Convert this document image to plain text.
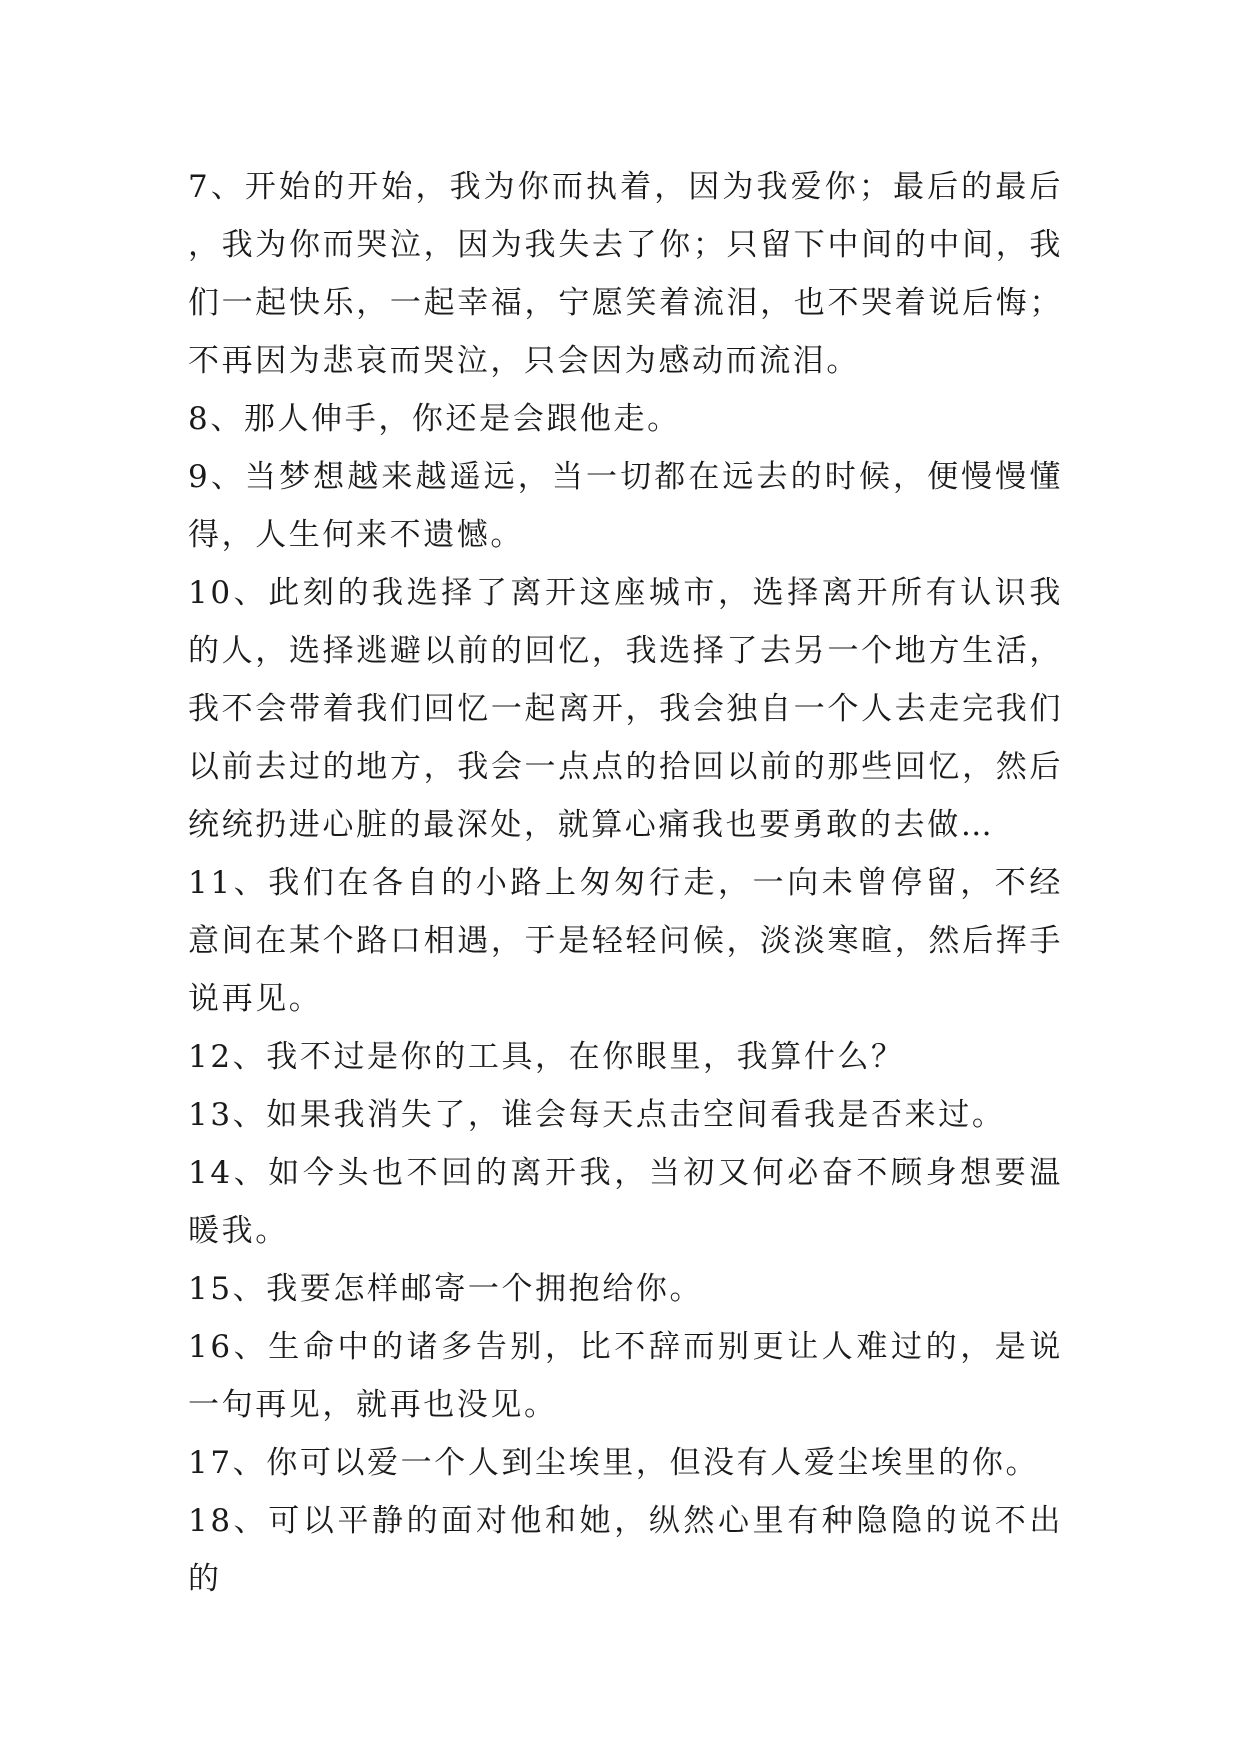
7、开始的开始，我为你而执着，因为我爱你；最后的最后，我为你而哭泣，因为我失去了你；只留下中间的中间，我们一起快乐，一起幸福，宁愿笑着流泪，也不哭着说后悔；不再因为悲哀而哭泣，只会因为感动而流泪。

8、那人伸手，你还是会跟他走。

9、当梦想越来越遥远，当一切都在远去的时候，便慢慢懂得，人生何来不遗憾。

10、此刻的我选择了离开这座城市，选择离开所有认识我的人，选择逃避以前的回忆，我选择了去另一个地方生活，我不会带着我们回忆一起离开，我会独自一个人去走完我们以前去过的地方，我会一点点的拾回以前的那些回忆，然后统统扔进心脏的最深处，就算心痛我也要勇敢的去做…

11、我们在各自的小路上匆匆行走，一向未曾停留，不经意间在某个路口相遇，于是轻轻问候，淡淡寒暄，然后挥手说再见。

12、我不过是你的工具，在你眼里，我算什么？

13、如果我消失了，谁会每天点击空间看我是否来过。

14、如今头也不回的离开我，当初又何必奋不顾身想要温暖我。

15、我要怎样邮寄一个拥抱给你。

16、生命中的诸多告别，比不辞而别更让人难过的，是说一句再见，就再也没见。

17、你可以爱一个人到尘埃里，但没有人爱尘埃里的你。

18、可以平静的面对他和她，纵然心里有种隐隐的说不出的
